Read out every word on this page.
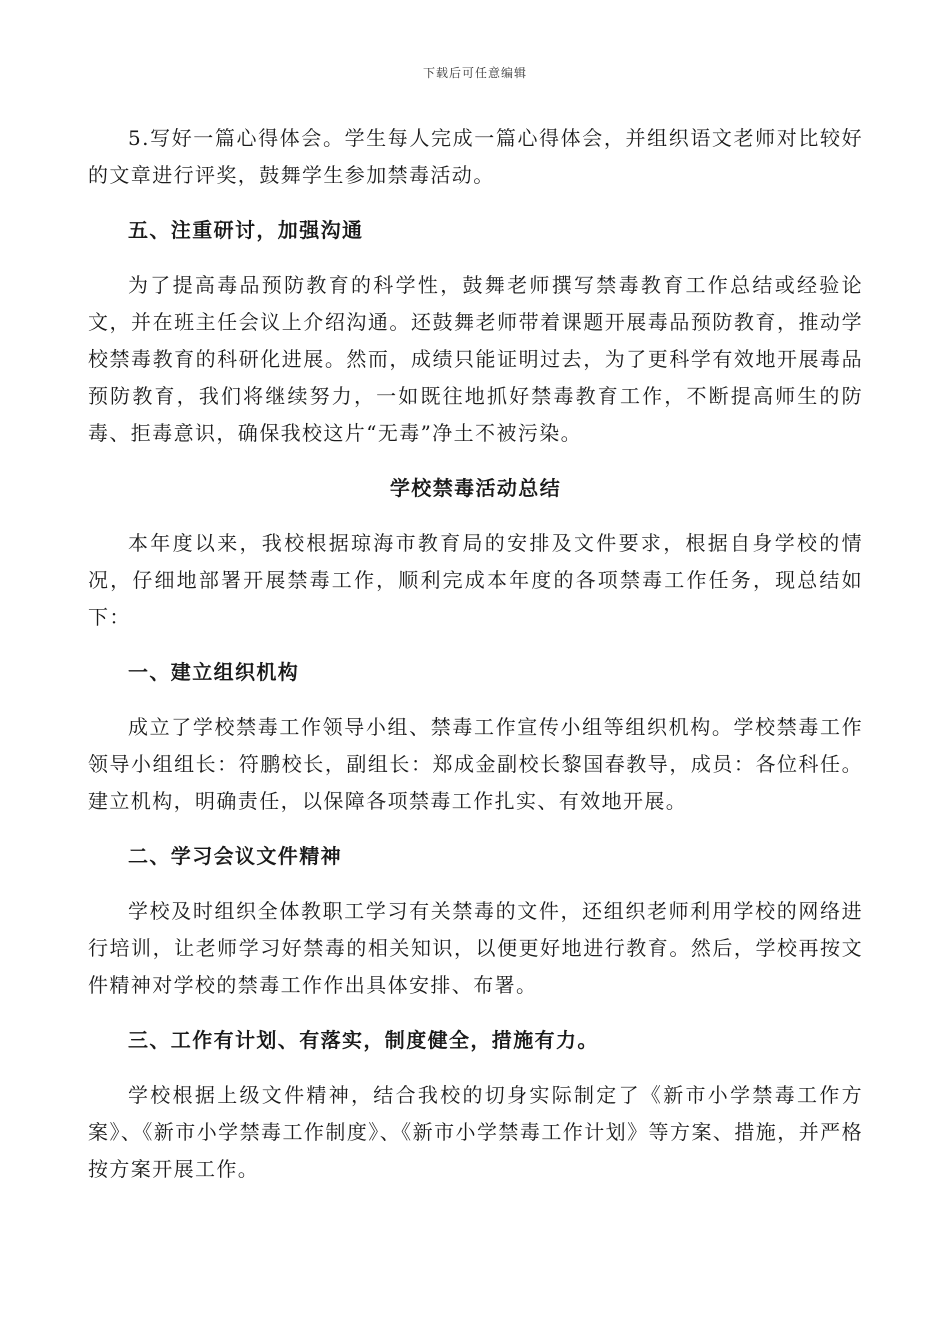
下载后可任意编辑

5.写好一篇心得体会。学生每人完成一篇心得体会，并组织语文老师对比较好的文章进行评奖，鼓舞学生参加禁毒活动。

五、注重研讨，加强沟通

为了提高毒品预防教育的科学性，鼓舞老师撰写禁毒教育工作总结或经验论文，并在班主任会议上介绍沟通。还鼓舞老师带着课题开展毒品预防教育，推动学校禁毒教育的科研化进展。然而，成绩只能证明过去，为了更科学有效地开展毒品预防教育，我们将继续努力，一如既往地抓好禁毒教育工作，不断提高师生的防毒、拒毒意识，确保我校这片“无毒”净土不被污染。

学校禁毒活动总结

本年度以来，我校根据琼海市教育局的安排及文件要求，根据自身学校的情况，仔细地部署开展禁毒工作，顺利完成本年度的各项禁毒工作任务，现总结如下：

一、建立组织机构

成立了学校禁毒工作领导小组、禁毒工作宣传小组等组织机构。学校禁毒工作领导小组组长：符鹏校长，副组长：郑成金副校长黎国春教导，成员：各位科任。建立机构，明确责任，以保障各项禁毒工作扎实、有效地开展。

二、学习会议文件精神

学校及时组织全体教职工学习有关禁毒的文件，还组织老师利用学校的网络进行培训，让老师学习好禁毒的相关知识，以便更好地进行教育。然后，学校再按文件精神对学校的禁毒工作作出具体安排、布署。

三、工作有计划、有落实，制度健全，措施有力。

学校根据上级文件精神，结合我校的切身实际制定了《新市小学禁毒工作方案》、《新市小学禁毒工作制度》、《新市小学禁毒工作计划》等方案、措施，并严格按方案开展工作。
